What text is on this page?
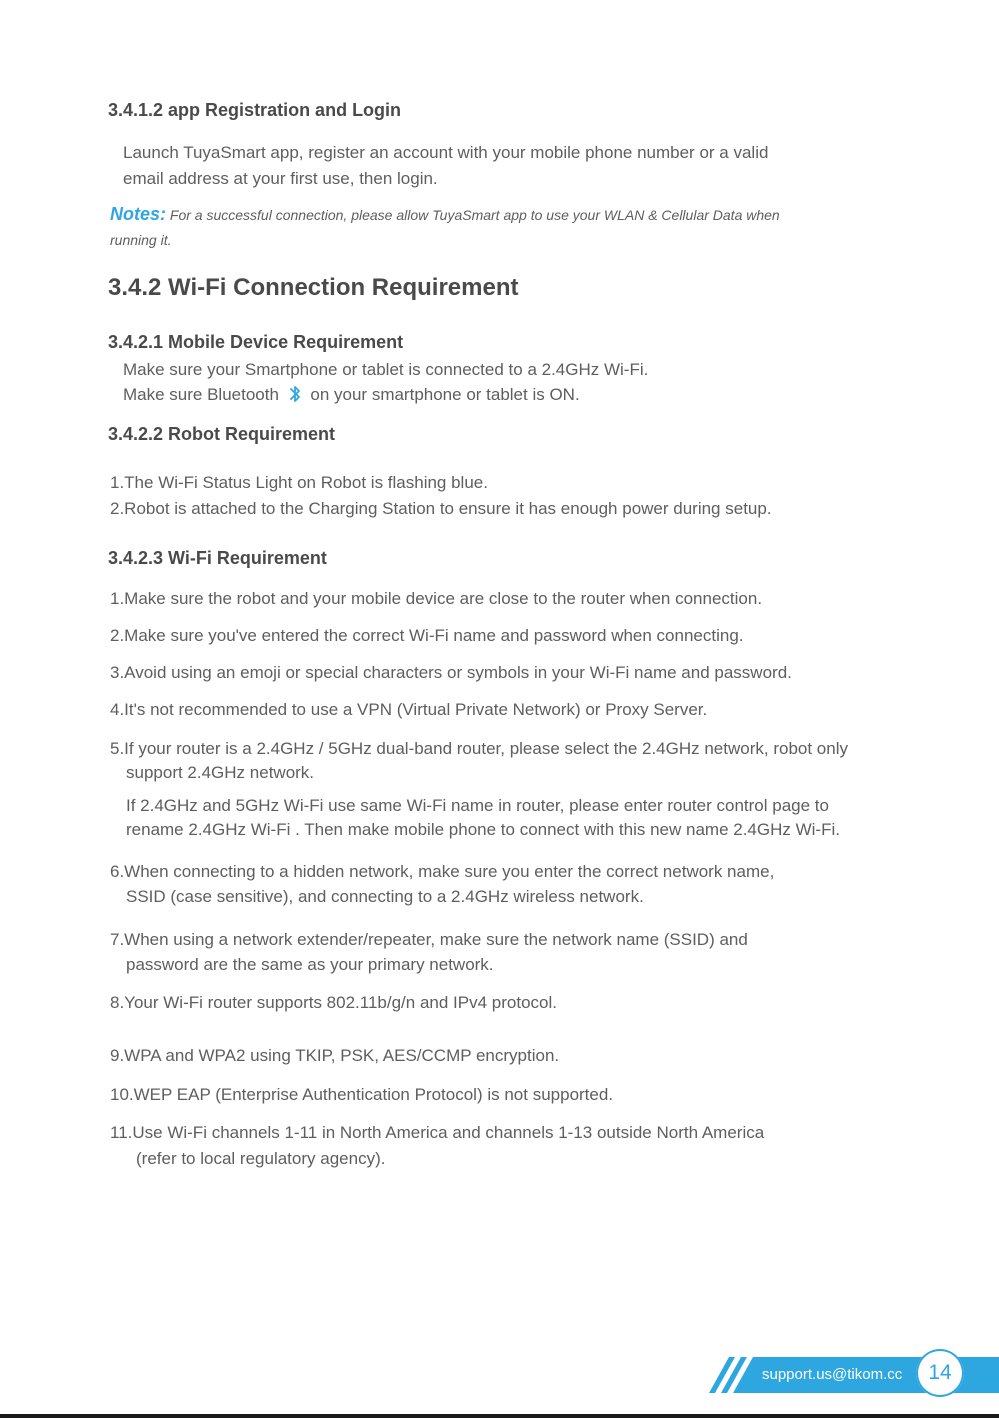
3.4.1.2 app Registration and Login
Launch TuyaSmart app, register an account with your mobile phone number or a valid
email address at your first use, then login.
Notes: For a successful connection, please allow TuyaSmart app to use your WLAN & Cellular Data when
running it.
3.4.2 Wi-Fi Connection Requirement
3.4.2.1 Mobile Device Requirement
Make sure your Smartphone or tablet is connected to a 2.4GHz Wi-Fi.
Make sure Bluetooth on your smartphone or tablet is ON.
3.4.2.2 Robot Requirement
1.The Wi-Fi Status Light on Robot is flashing blue.
2.Robot is attached to the Charging Station to ensure it has enough power during setup.
3.4.2.3 Wi-Fi Requirement
1.Make sure the robot and your mobile device are close to the router when connection.
2.Make sure you've entered the correct Wi-Fi name and password when connecting.
3.Avoid using an emoji or special characters or symbols in your Wi-Fi name and password.
4.It's not recommended to use a VPN (Virtual Private Network) or Proxy Server.
5.If your router is a 2.4GHz / 5GHz dual-band router, please select the 2.4GHz network, robot only
support 2.4GHz network.
If 2.4GHz and 5GHz Wi-Fi use same Wi-Fi name in router, please enter router control page to
rename 2.4GHz Wi-Fi . Then make mobile phone to connect with this new name 2.4GHz Wi-Fi.
6.When connecting to a hidden network, make sure you enter the correct network name,
SSID (case sensitive), and connecting to a 2.4GHz wireless network.
7.When using a network extender/repeater, make sure the network name (SSID) and
password are the same as your primary network.
8.Your Wi-Fi router supports 802.11b/g/n and IPv4 protocol.
9.WPA and WPA2 using TKIP, PSK, AES/CCMP encryption.
10.WEP EAP (Enterprise Authentication Protocol) is not supported.
11.Use Wi-Fi channels 1-11 in North America and channels 1-13 outside North America
(refer to local regulatory agency).
support.us@tikom.cc	14
